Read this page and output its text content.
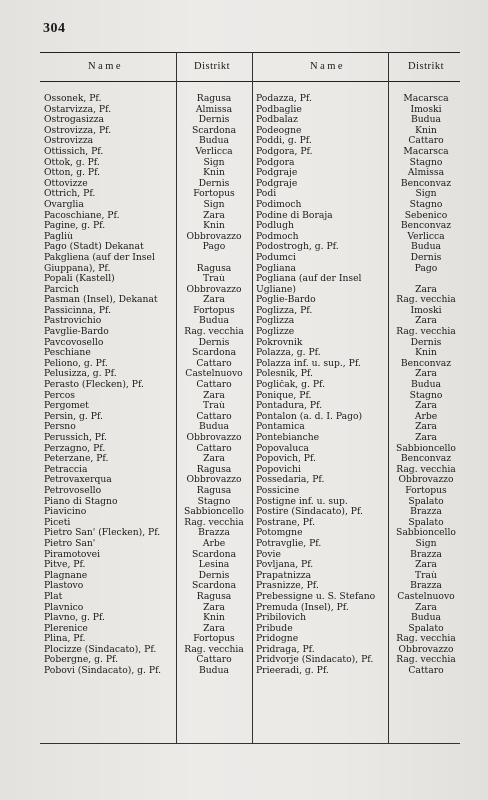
304
Name	Distrikt	Name	Distrikt
Ossonek, Pf.	Ragusa	Podazza, Pf.	Macarsca
Ostarvizza, Pf.	Almissa	Podbaglie	Imoski
Ostrogasizza	Dernis	Podbalaz	Budua
Ostrovizza, Pf.	Scardona	Podeogne	Knin
Ostrovizza	Budua	Poddi, g. Pf.	Cattaro
Ottissich, Pf.	Verlicca	Podgora, Pf.	Macarsca
Ottok, g. Pf.	Sign	Podgora	Stagno
Otton, g. Pf.	Knin	Podgraje	Almissa
Ottovizze	Dernis	Podgraje	Benconvaz
Ottrich, Pf.	Fortopus	Podi	Sign
Ovarglia	Sign	Podimoch	Stagno
Pacoschiane, Pf.	Zara	Podine di Boraja	Sebenico
Pagine, g. Pf.	Knin	Podlugh	Benconvaz
Pagliù	Obbrovazzo	Podmoch	Verlicca
Pago (Stadt) Dekanat	Pago	Podostrogh, g. Pf.	Budua
Pakgliena (auf der Insel	Podumci	Dernis
Giuppana), Pf.	Ragusa	Pogliana	Pago
Popali (Kastell)	Traù	Pogliana (auf der Insel
Parcich	Obbrovazzo	Ugliane)	Zara
Pasman (Insel), Dekanat	Zara	Poglie-Bardo	Rag. vecchia
Passicinna, Pf.	Fortopus	Poglizza, Pf.	Imoski
Pastrovichio	Budua	Poglizza	Zara
Pavglie-Bardo	Rag. vecchia	Poglizze	Rag. vecchia
Pavcovosello	Dernis	Pokrovnik	Dernis
Peschiane	Scardona	Polazza, g. Pf.	Knin
Peliono, g. Pf.	Cattaro	Polazza inf. u. sup., Pf.	Benconvaz
Pelusizza, g. Pf.	Castelnuovo	Polesnik, Pf.	Zara
Perasto (Flecken), Pf.	Cattaro	Pogličak, g. Pf.	Budua
Percos	Zara	Ponique, Pf.	Stagno
Pergomet	Traù	Pontadura, Pf.	Zara
Persin, g. Pf.	Cattaro	Pontalon (a. d. I. Pago)	Arbe
Persno	Budua	Pontamica	Zara
Perussich, Pf.	Obbrovazzo	Pontebianche	Zara
Perzagno, Pf.	Cattaro	Popovaluca	Sabbioncello
Peterzane, Pf.	Zara	Popovich, Pf.	Benconvaz
Petraccia	Ragusa	Popovichi	Rag. vecchia
Petrovaxerqua	Obbrovazzo	Possedaria, Pf.	Obbrovazzo
Petrovosello	Ragusa	Possicine	Fortopus
Piano di Stagno	Stagno	Postigne inf. u. sup.	Spalato
Piavicino	Sabbioncello	Postire (Sindacato), Pf.	Brazza
Piceti	Rag. vecchia	Postrane, Pf.	Spalato
Pietro San' (Flecken), Pf.	Brazza	Potomgne	Sabbioncello
Pietro San'	Arbe	Potravglie, Pf.	Sign
Piramotovei	Scardona	Povie	Brazza
Pitve, Pf.	Lesina	Povljana, Pf.	Zara
Plagnane	Dernis	Prapatnizza	Traù
Plastovo	Scardona	Prasnizze, Pf.	Brazza
Plat	Ragusa	Prebessigne u. S. Stefano	Castelnuovo
Plavnico	Zara	Premuda (Insel), Pf.	Zara
Plavno, g. Pf.	Knin	Pribilovich	Budua
Plerenice	Zara	Pribude	Spalato
Plina, Pf.	Fortopus	Pridogne	Rag. vecchia
Plocizze (Sindacato), Pf.	Rag. vecchia	Pridraga, Pf.	Obbrovazzo
Pobergne, g. Pf.	Cattaro	Pridvorje (Sindacato), Pf.	Rag. vecchia
Pobovi (Sindacato), g. Pf.	Budua	Prieeradi, g. Pf.	Cattaro
